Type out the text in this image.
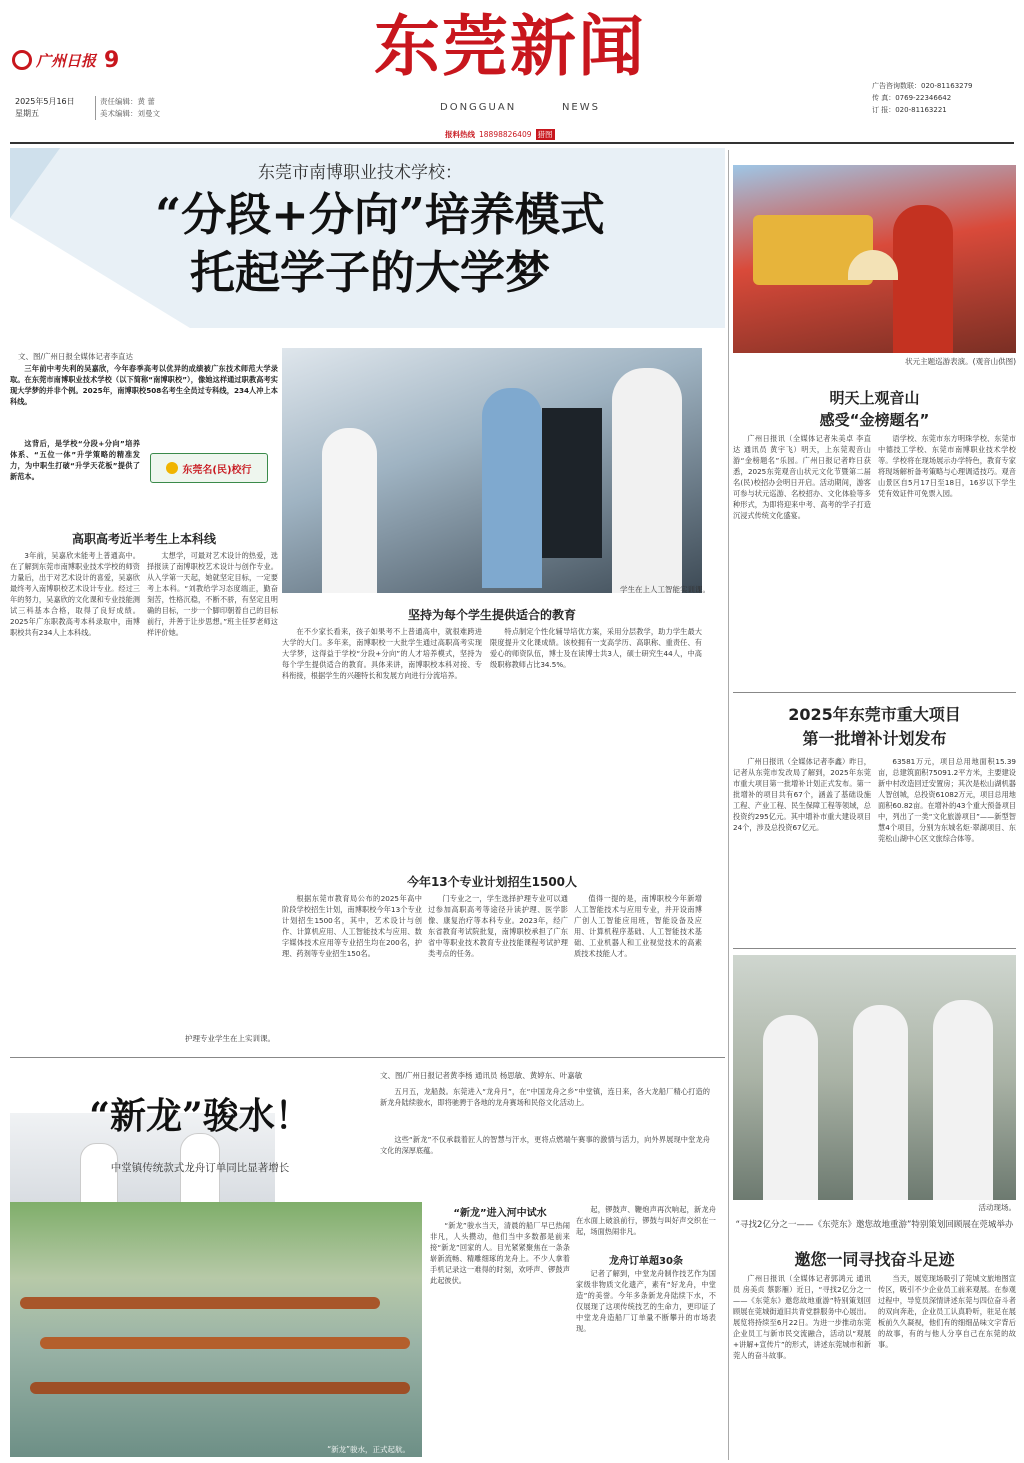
广州日报 9
2025年5月16日
星期五
责任编辑：黄 蕾
美术编辑：刘曼文
东莞新闻
DONGGUAN	NEWS
广告咨询数联：020-81163279
传 真：0769-22346642
订 报：020-81163221
报料热线 18898826409 猎图
东莞市南博职业技术学校：
“分段+分向”培养模式
托起学子的大学梦
文、图/广州日报全媒体记者李直达

三年前中考失利的吴嘉欣，今年春季高考以优异的成绩被广东技术师范大学录取。在东莞市南博职业技术学校（以下简称“南博职校”），像她这样通过职教高考实现大学梦的并非个例。2025年，南博职校508名考生全员过专科线，234人冲上本科线。

这背后，是学校“分段+分向”培养体系、“五位一体”升学策略的精准发力，为中职生打破“升学天花板”提供了新范本。

东莞名(民)校行
学生在上人工智能实训课。
高职高考近半考生上本科线

3年前，吴嘉欣未能考上普通高中。在了解到东莞市南博职业技术学校的师资力量后，出于对艺术设计的喜爱，吴嘉欣最终考入南博职校艺术设计专业。经过三年的努力，吴嘉欣的文化课和专业技能测试三科基本合格，取得了良好成绩。2025年广东职教高考本科录取中，南博职校共有234人上本科线。

太想学，可最对艺术设计的热爱，选择报读了南博职校艺术设计与创作专业。从入学第一天起，她就坚定目标，一定要考上本科。“刘教给学习态度端正，勤奋刻苦，性格沉稳，不断不骄，有坚定且明确的目标，一步一个脚印朝着自己的目标前行，并善于让步思想。”班主任罗老师这样评价她。

坚持为每个学生提供适合的教育

在不少家长看来，孩子如果考不上普通高中，就很难跨进大学的大门。多年来，南博职校一大批学生通过高职高考实现大学梦，这得益于学校“分段+分向”的人才培养模式，坚持为每个学生提供适合的教育。具体来讲，南博职校本科对接、专科衔接，根据学生的兴趣特长和发展方向进行分流培养。

特点制定个性化辅导培优方案，采用分层教学，助力学生最大限度提升文化课成绩。该校拥有一支高学历、高职称、重责任、有爱心的师资队伍，博士及在读博士共3人，硕士研究生44人，中高级职称教师占比34.5%。

护理专业学生在上实训课。
今年13个专业计划招生1500人

根据东莞市教育局公布的2025年高中阶段学校招生计划，南博职校今年13个专业计划招生1500名，其中，艺术设计与创作、计算机应用、人工智能技术与应用、数字媒体技术应用等专业招生均在200名，护理、药剂等专业招生150名。

门专业之一，学生选择护理专业可以通过参加高职高考等途径升读护理、医学影像、康复治疗等本科专业。2023年，经广东省教育考试院批复，南博职校承担了广东省中等职业技术教育专业技能课程考试护理类考点的任务。

值得一提的是，南博职校今年新增人工智能技术与应用专业，并开设南博广创人工智能应用班，智能设备及应用、计算机程序基础、人工智能技术基础、工业机器人和工业视觉技术的高素质技术技能人才。

状元主题巡游表演。(观音山供图)
明天上观音山
感受“金榜题名”

广州日报讯（全媒体记者朱美卓 李直达 通讯员 黄宇飞）明天，上东莞观音山游“金榜题名”乐园。广州日报记者昨日获悉，2025东莞观音山状元文化节暨第二届名(民)校招办会明日开启。活动期间，游客可参与状元巡游、名校招办、文化体验等多种形式，为即将迎来中考、高考的学子打造沉浸式传统文化盛宴。

语学校、东莞市东方明珠学校、东莞市中德技工学校、东莞市南博职业技术学校等。学校将在现场展示办学特色，教育专家将现场解析备考策略与心理调适技巧。观音山景区自5月17日至18日，16岁以下学生凭有效证件可免票入园。

2025年东莞市重大项目
第一批增补计划发布

广州日报讯（全媒体记者李鑫）昨日，记者从东莞市发改局了解到，2025年东莞市重大项目第一批增补计划正式发布。第一批增补的项目共有67个，涵盖了基础设施工程、产业工程、民生保障工程等领域，总投资约295亿元。其中增补市重大建设项目24个，涉及总投资67亿元。

63581万元，项目总用地面积15.39亩，总建筑面积75091.2平方米，主要建设新中村改造回迁安置房；其次是松山湖机器人智创城，总投资61082万元，项目总用地面积60.82亩。在增补的43个重大预备项目中，列出了一类“文化旅游项目”——新型智慧4个项目，分别为东城名炬·翠湖项目、东莞松山湖中心区文旅综合体等。

活动现场。
“寻找2亿分之一——《东莞东》邀您故地重游”特别策划回顾展在莞城举办
邀您一同寻找奋斗足迹

广州日报讯（全媒体记者郭鸿元 通讯员 房美贞 蔡影雁）近日，“寻找2亿分之一——《东莞东》邀您故地重游”特别策划回顾展在莞城街道旧共青党群服务中心展出。展览将持续至6月22日。为进一步推动东莞企业员工与新市民交流融合，活动以“观展+讲解+宣传片”的形式，讲述东莞城市和新莞人的奋斗故事。

当天，展览现场吸引了莞城文旅地图宣传区，吸引不少企业员工前来观展。在参观过程中，导览员深情讲述东莞与四位奋斗者的双向奔赴，企业员工认真聆听，驻足在展板前久久凝视，他们有的细细品味文字背后的故事，有的与他人分享自己在东莞的故事。

“新龙”骏水！
中堂镇传统款式龙舟订单同比显著增长
文、图/广州日报记者黄李杨 通讯员 杨思敏、黄婷东、叶嘉敏

五月五，龙船鼓。东莞进入“龙舟月”，在“中国龙舟之乡”中堂镇，连日来，各大龙船厂精心打造的新龙舟陆续骏水，即将驰骋于各地的龙舟赛场和民俗文化活动上。

这些“新龙”不仅承载着匠人的智慧与汗水，更将点燃端午赛事的激情与活力，向外界展现中堂龙舟文化的深厚底蕴。

“新龙”骏水，正式起航。
“新龙”进入河中试水

“新龙”骏水当天，清晨的船厂早已热闹非凡，人头攒动，他们当中多数都是前来接“新龙”回家的人。目光紧紧聚焦在一条条崭新流畅、精雕细琢的龙舟上。不少人拿着手机记录这一难得的时刻，欢呼声、锣鼓声此起彼伏。

起，锣鼓声、鞭炮声再次响起，新龙舟在水面上破浪前行，锣鼓与叫好声交织在一起，场面热闹非凡。

龙舟订单超30条

记者了解到，中堂龙舟制作技艺作为国家级非物质文化遗产，素有“好龙舟，中堂造”的美誉。今年多条新龙舟陆续下水，不仅展现了这项传统技艺的生命力，更印证了中堂龙舟造船厂订单量不断攀升的市场表现。
